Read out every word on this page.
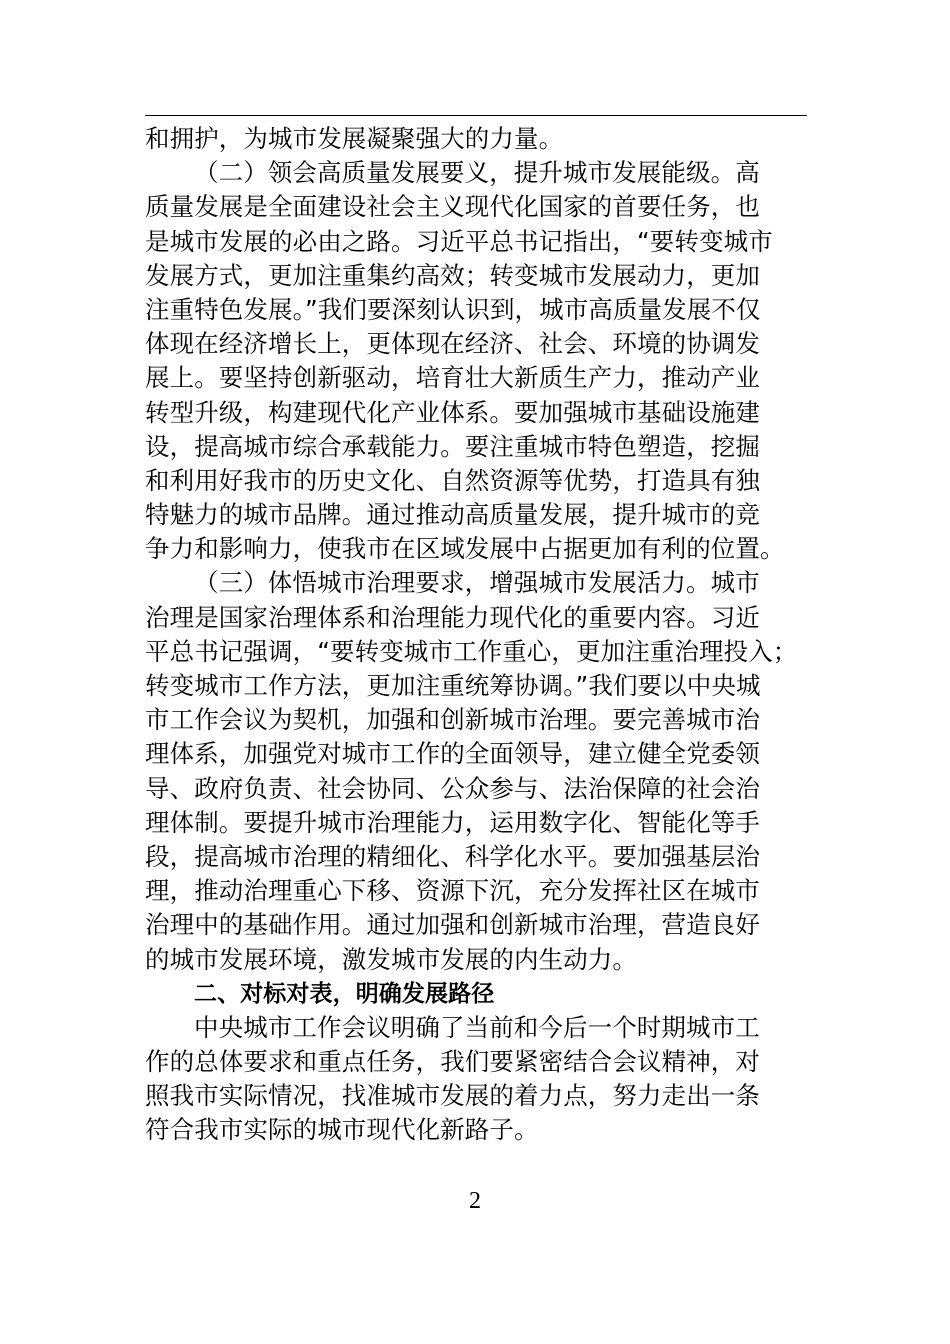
和拥护，为城市发展凝聚强大的力量。
（二）领会高质量发展要义，提升城市发展能级。高
质量发展是全面建设社会主义现代化国家的首要任务，也
是城市发展的必由之路。习近平总书记指出，“要转变城市
发展方式，更加注重集约高效；转变城市发展动力，更加
注重特色发展。”我们要深刻认识到，城市高质量发展不仅
体现在经济增长上，更体现在经济、社会、环境的协调发
展上。要坚持创新驱动，培育壮大新质生产力，推动产业
转型升级，构建现代化产业体系。要加强城市基础设施建
设，提高城市综合承载能力。要注重城市特色塑造，挖掘
和利用好我市的历史文化、自然资源等优势，打造具有独
特魅力的城市品牌。通过推动高质量发展，提升城市的竞
争力和影响力，使我市在区域发展中占据更加有利的位置。
（三）体悟城市治理要求，增强城市发展活力。城市
治理是国家治理体系和治理能力现代化的重要内容。习近
平总书记强调，“要转变城市工作重心，更加注重治理投入；
转变城市工作方法，更加注重统筹协调。”我们要以中央城
市工作会议为契机，加强和创新城市治理。要完善城市治
理体系，加强党对城市工作的全面领导，建立健全党委领
导、政府负责、社会协同、公众参与、法治保障的社会治
理体制。要提升城市治理能力，运用数字化、智能化等手
段，提高城市治理的精细化、科学化水平。要加强基层治
理，推动治理重心下移、资源下沉，充分发挥社区在城市
治理中的基础作用。通过加强和创新城市治理，营造良好
的城市发展环境，激发城市发展的内生动力。
二、对标对表，明确发展路径
中央城市工作会议明确了当前和今后一个时期城市工
作的总体要求和重点任务，我们要紧密结合会议精神，对
照我市实际情况，找准城市发展的着力点，努力走出一条
符合我市实际的城市现代化新路子。
2
